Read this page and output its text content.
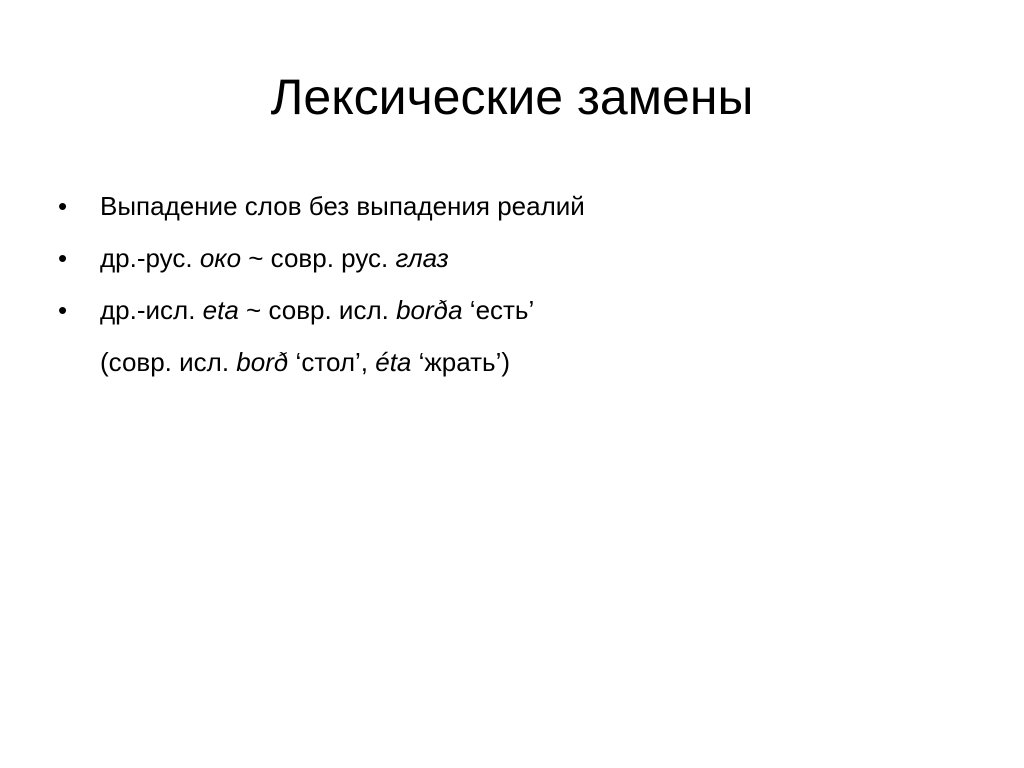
Лексические замены
•	Выпадение слов без выпадения реалий
•	др.-рус. око ~ совр. рус. глаз
•	др.-исл. eta ~ совр. исл. borða ‘есть’
(совр. исл. borð ‘стол’, éta ‘жрать’)
